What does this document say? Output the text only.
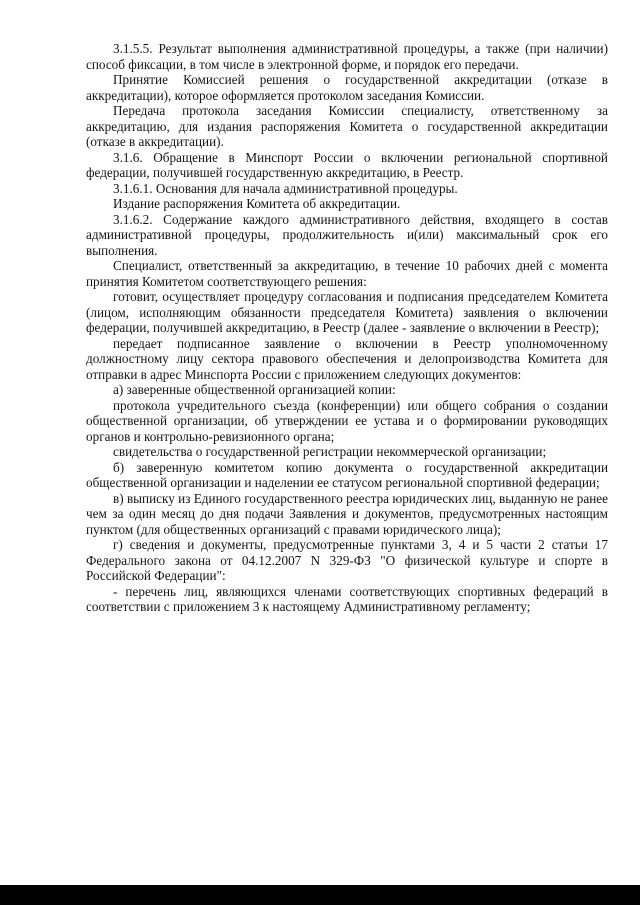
3.1.5.5. Результат выполнения административной процедуры, а также (при наличии) способ фиксации, в том числе в электронной форме, и порядок его передачи.

Принятие Комиссией решения о государственной аккредитации (отказе в аккредитации), которое оформляется протоколом заседания Комиссии.

Передача протокола заседания Комиссии специалисту, ответственному за аккредитацию, для издания распоряжения Комитета о государственной аккредитации (отказе в аккредитации).

3.1.6. Обращение в Минспорт России о включении региональной спортивной федерации, получившей государственную аккредитацию, в Реестр.

3.1.6.1. Основания для начала административной процедуры.

Издание распоряжения Комитета об аккредитации.

3.1.6.2. Содержание каждого административного действия, входящего в состав административной процедуры, продолжительность и(или) максимальный срок его выполнения.

Специалист, ответственный за аккредитацию, в течение 10 рабочих дней с момента принятия Комитетом соответствующего решения:

готовит, осуществляет процедуру согласования и подписания председателем Комитета (лицом, исполняющим обязанности председателя Комитета) заявления о включении федерации, получившей аккредитацию, в Реестр (далее - заявление о включении в Реестр);

передает подписанное заявление о включении в Реестр уполномоченному должностному лицу сектора правового обеспечения и делопроизводства Комитета для отправки в адрес Минспорта России с приложением следующих документов:

а) заверенные общественной организацией копии:

протокола учредительного съезда (конференции) или общего собрания о создании общественной организации, об утверждении ее устава и о формировании руководящих органов и контрольно-ревизионного органа;

свидетельства о государственной регистрации некоммерческой организации;

б) заверенную комитетом копию документа о государственной аккредитации общественной организации и наделении ее статусом региональной спортивной федерации;

в) выписку из Единого государственного реестра юридических лиц, выданную не ранее чем за один месяц до дня подачи Заявления и документов, предусмотренных настоящим пунктом (для общественных организаций с правами юридического лица);

г) сведения и документы, предусмотренные пунктами 3, 4 и 5 части 2 статьи 17 Федерального закона от 04.12.2007 N 329-ФЗ "О физической культуре и спорте в Российской Федерации":

- перечень лиц, являющихся членами соответствующих спортивных федераций в соответствии с приложением 3 к настоящему Административному регламенту;
